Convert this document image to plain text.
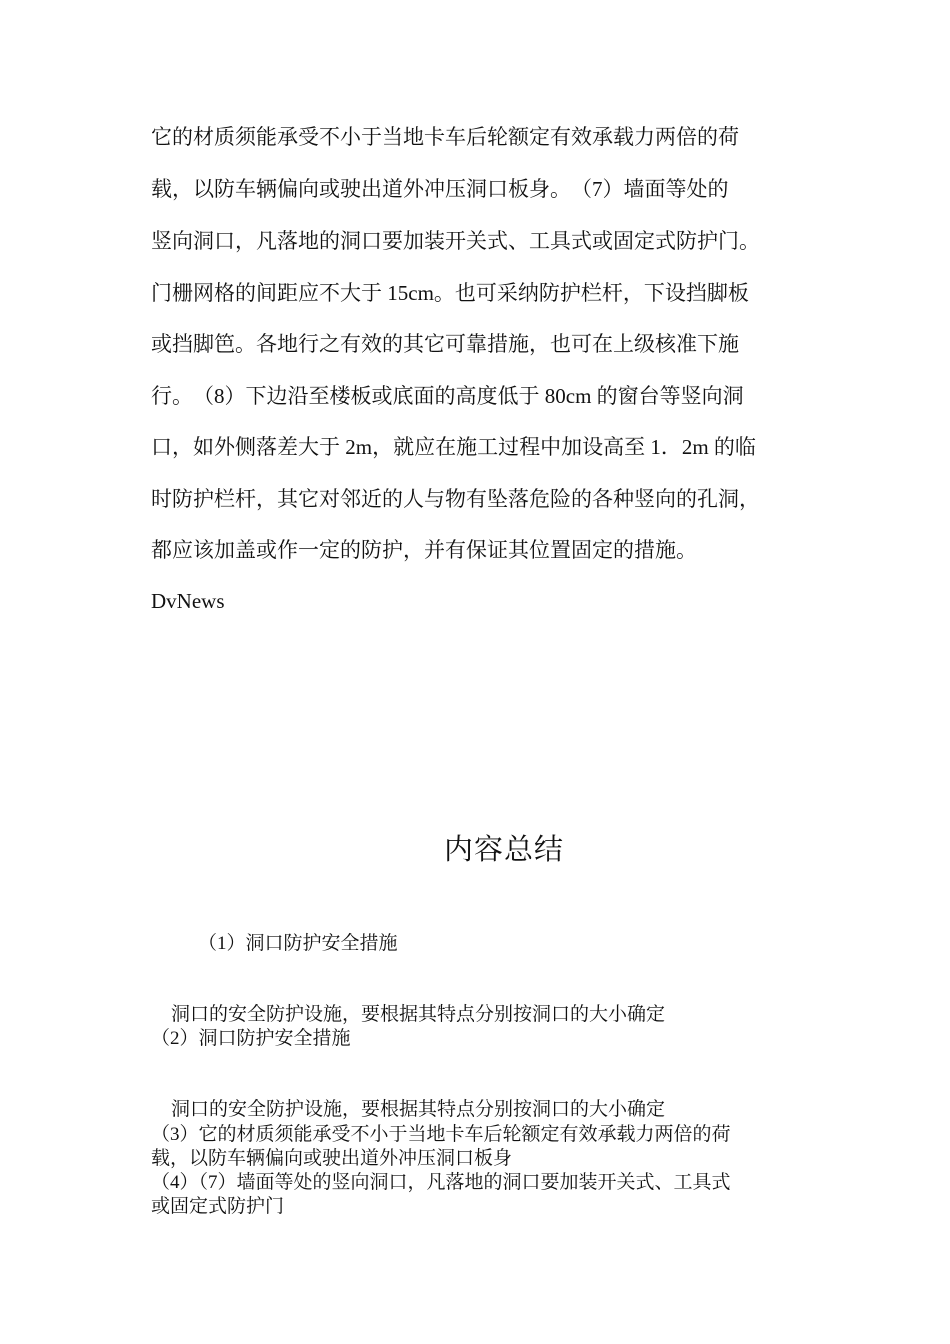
它的材质须能承受不小于当地卡车后轮额定有效承载力两倍的荷
载，以防车辆偏向或驶出道外冲压洞口板身。　（7）墙面等处的
竖向洞口，凡落地的洞口要加装开关式、工具式或固定式防护门。
门栅网格的间距应不大于 15cm。也可采纳防护栏杆，下设挡脚板
或挡脚笆。各地行之有效的其它可靠措施，也可在上级核准下施
行。　（8）下边沿至楼板或底面的高度低于 80cm 的窗台等竖向洞
口，如外侧落差大于 2m，就应在施工过程中加设高至 1．2m 的临
时防护栏杆，其它对邻近的人与物有坠落危险的各种竖向的孔洞，
都应该加盖或作一定的防护，并有保证其位置固定的措施。
DvNews
内容总结
（1）洞口防护安全措施
洞口的安全防护设施，要根据其特点分别按洞口的大小确定
（2）洞口防护安全措施
洞口的安全防护设施，要根据其特点分别按洞口的大小确定
（3）它的材质须能承受不小于当地卡车后轮额定有效承载力两倍的荷
载，以防车辆偏向或驶出道外冲压洞口板身
（4）（7）墙面等处的竖向洞口，凡落地的洞口要加装开关式、工具式
或固定式防护门
